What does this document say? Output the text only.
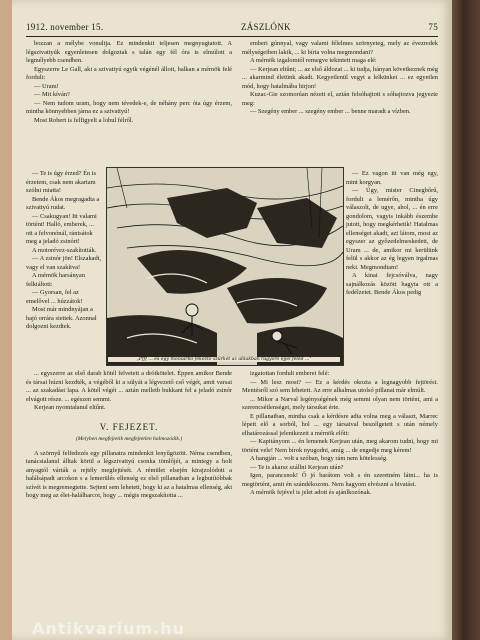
1912. november 15.	ZÁSZLÓNK	75

bozzan a mélybe vonultja. Ez mindenkit teljesen megnyugtatott. A légszivattyúk egyenletesen dolgoztak s talán egy fél óra is elmúlott a legmélyebb csendben.

Egyszerre Le Gall, aki a szivattyú egyik végénél állott, halkan a mérnök felé fordult:

— Uram!

— Mit kíván?

— Nem tudom uram, hogy nem tévedek-e, de néhány perc óta úgy érzem, mintha könnyebben járna ez a szivattyú!

Most Robert is felfigyelt a lobul félről.

emberi gúnnyal, vagy valami félelmes szörnyeteg, mely az évezredek mélységeiben lakik, ... ki bírta volna megmondani?

A mérnök izgalomtól remegve tekintett maga elé:

— Kerjean eltűnt; ... az első áldozat ... ki tudja, hányan következnek még ... akarmind életünk akadt. Kegyetlenül vegyt a lelkünket ... ez egyetlen mód, hogy hatalmába hirjon!

Kuzac-Gie szomorúan nézett el, aztán felsóhajtott s sóhajtozva jegyezte meg:

— Szegény ember ... szegény ember ... benne maradt a vízben.

— Te is úgy érzed? Én is érzetem, csak nem akartam szólni miatta!

Bende Ákos megragadta a szivattyú rudat.

— Csakugyan! Itt valami történt! Halló, emberek, ... ott a felvonónál, rántsátok meg a jeladó zsinórt!

A motorévez-szakították.

— A zsinór jön! Elszakadt, vagy el van szakítva!

A mérnök harsányan felkiáltott:

— Gyorsan, fel az emelővel ... húzzátok!

Most már mindnyájan a hajó orrára siettek. Azonnal dolgozni kezdtek.

„Pfff ... és egy mocsárbó fékezte szürkét az ablakban ragyoró éjjel feléd ..."

— Ez vagon itt van még egy, mint korgyan.

— Úgy, mister Cinegbőrű, fordult a lemérőn, mintha úgy válaszolt, de ugye, ahol, ... én erre gondolom, vagyis inkább észembe jutott, hogy megkérhetik! Hatalmas ellenséget akadt, azt látom, most az egyszer az győzedelmeskedett, de Uram ... de, amikor mi kerülünk felül s akkor az ég legyen irgalmas neki. Megmondtam!

A kinai fejcsóválva, nagy sajnálkozás között hagyta ott a fedélzetet. Bende Ákos pedig

... egyszerre az első darab kötél felvetett a drótkötelet. Éppen amikor Bende és társai húzni kezdték, a végéből ki a súlyát a légvezető cső végét, amit varsai ... az szakadást lapa. A kötél végét ... aztán melletb bukkant fel a jeladó zsinór elvágott része. ... egészen semmi.

Kerjean nyomtalanul eltűnt.

V. FEJEZET.
(Melyben megfejtetik megfejtetlen halmozódik.)

A szörnyű felfedezés egy pillanatra mindenkit lenyűgözött. Néma csendben, tanácstalanul álltak körül a légszivattyú csonka tömlőjét, a mintegy a holt anyagtól várták a rejtély megfejtését. A rémület elsején kirajzolódott a halálsápadt arcokon s a lemerülés ellenség ez első pillanatban a legbutítóbbak szívét is megremegtette. Sejteni sem lehetett, hogy ki az a hatalmas ellenség, aki hogy meg az élet-halálharcot, hogy ... mégis megszakította ...

izgatottan fordult emberei felé:

— Mi lesz most? — Ez a kérdés okozta a legnagyobb fejtörést. Mentésről szó sem lehetett. Az erre alkalmas utolsó pillanat már elmúlt.

... Mikor a Narval legénységének még semmi olyan nem történt, ami a szerencsétlenséget, mely társukat érte.

E pillanatban, mintha csak a kérdésre adta volna meg a választ, Marrec lépett elő a sorból, hol ... egy társaival beszélgetett s után némely elhatározással jelentkezett a mérnök előtt:

— Kapitányom ... én lemenek Kerjean után, meg akarom tudni, hogy mi történt vele! Nem bírok nyugodni, amíg ... de engedje meg kérem!

A hangján ... volt a szóban, hogy rám nem kötelesség.

— Te is akarsz szállni Kerjean után?

Igen, parancsnok! Ő jó barátom volt s én szeretném látni... ha is megtörtént, amit én szándékozom. Nem hagyom elvészni a hivatást.

A mérnök fejével is jelet adott és ajánlkozónak.

Antikvarium.hu
